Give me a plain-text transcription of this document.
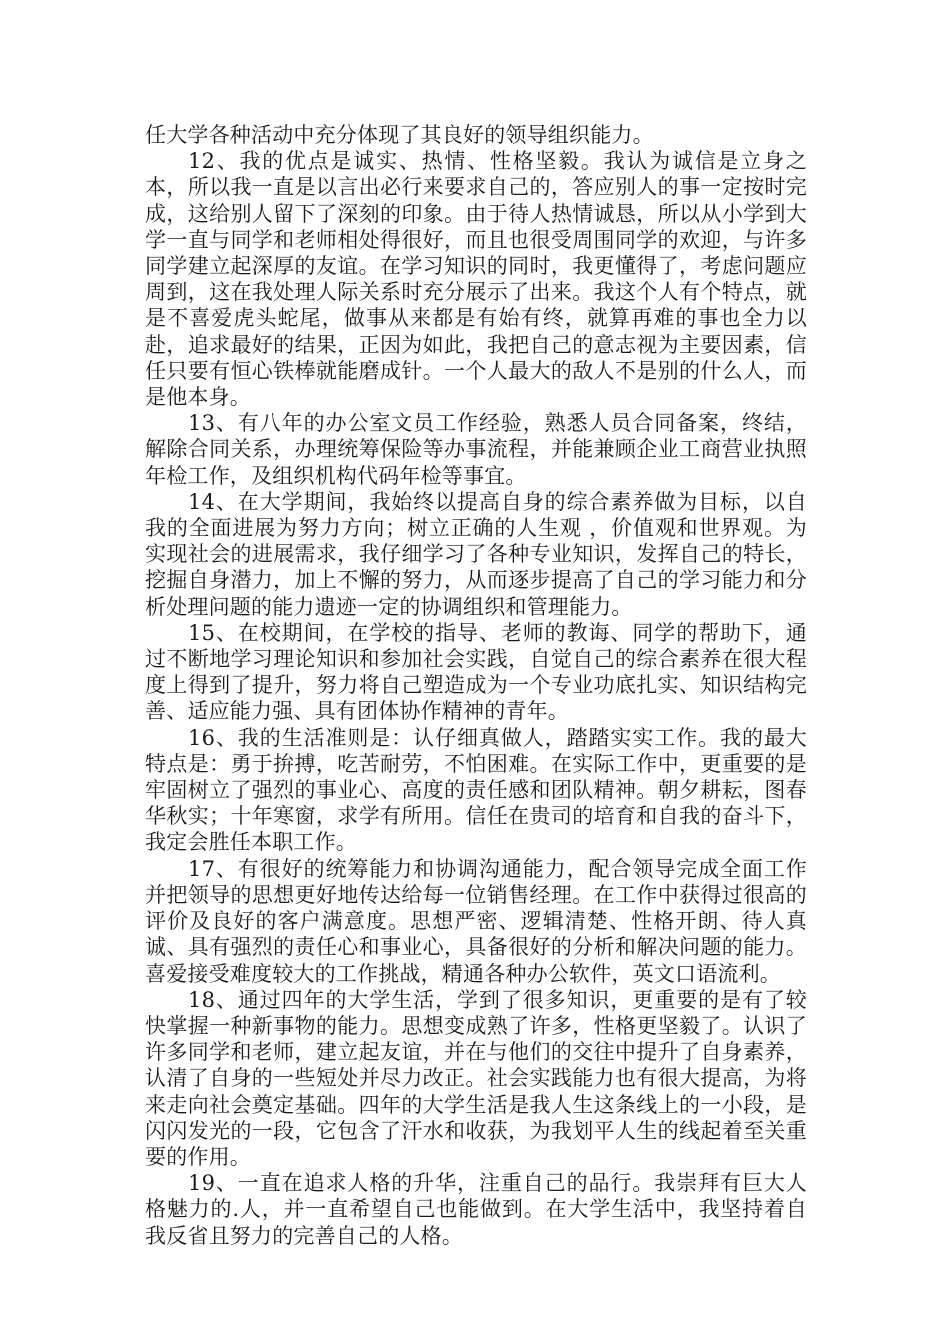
任大学各种活动中充分体现了其良好的领导组织能力。

12、我的优点是诚实、热情、性格坚毅。我认为诚信是立身之本，所以我一直是以言出必行来要求自己的，答应别人的事一定按时完成，这给别人留下了深刻的印象。由于待人热情诚恳，所以从小学到大学一直与同学和老师相处得很好，而且也很受周围同学的欢迎，与许多同学建立起深厚的友谊。在学习知识的同时，我更懂得了，考虑问题应周到，这在我处理人际关系时充分展示了出来。我这个人有个特点，就是不喜爱虎头蛇尾，做事从来都是有始有终，就算再难的事也全力以赴，追求最好的结果，正因为如此，我把自己的意志视为主要因素，信任只要有恒心铁棒就能磨成针。一个人最大的敌人不是别的什么人，而是他本身。

13、有八年的办公室文员工作经验，熟悉人员合同备案，终结，解除合同关系，办理统筹保险等办事流程，并能兼顾企业工商营业执照年检工作，及组织机构代码年检等事宜。

14、在大学期间，我始终以提高自身的综合素养做为目标，以自我的全面进展为努力方向；树立正确的人生观 ，价值观和世界观。为实现社会的进展需求，我仔细学习了各种专业知识，发挥自己的特长，挖掘自身潜力，加上不懈的努力，从而逐步提高了自己的学习能力和分析处理问题的能力遗迹一定的协调组织和管理能力。

15、在校期间，在学校的指导、老师的教诲、同学的帮助下，通过不断地学习理论知识和参加社会实践，自觉自己的综合素养在很大程度上得到了提升，努力将自己塑造成为一个专业功底扎实、知识结构完善、适应能力强、具有团体协作精神的青年。

16、我的生活准则是：认仔细真做人，踏踏实实工作。我的最大特点是：勇于拚搏，吃苦耐劳，不怕困难。在实际工作中，更重要的是牢固树立了强烈的事业心、高度的责任感和团队精神。朝夕耕耘，图春华秋实；十年寒窗，求学有所用。信任在贵司的培育和自我的奋斗下，我定会胜任本职工作。

17、有很好的统筹能力和协调沟通能力，配合领导完成全面工作并把领导的思想更好地传达给每一位销售经理。在工作中获得过很高的评价及良好的客户满意度。思想严密、逻辑清楚、性格开朗、待人真诚、具有强烈的责任心和事业心，具备很好的分析和解决问题的能力。喜爱接受难度较大的工作挑战，精通各种办公软件，英文口语流利。

18、通过四年的大学生活，学到了很多知识，更重要的是有了较快掌握一种新事物的能力。思想变成熟了许多，性格更坚毅了。认识了许多同学和老师，建立起友谊，并在与他们的交往中提升了自身素养，认清了自身的一些短处并尽力改正。社会实践能力也有很大提高，为将来走向社会奠定基础。四年的大学生活是我人生这条线上的一小段，是闪闪发光的一段，它包含了汗水和收获，为我划平人生的线起着至关重要的作用。

19、一直在追求人格的升华，注重自己的品行。我崇拜有巨大人格魅力的.人，并一直希望自己也能做到。在大学生活中，我坚持着自我反省且努力的完善自己的人格。
